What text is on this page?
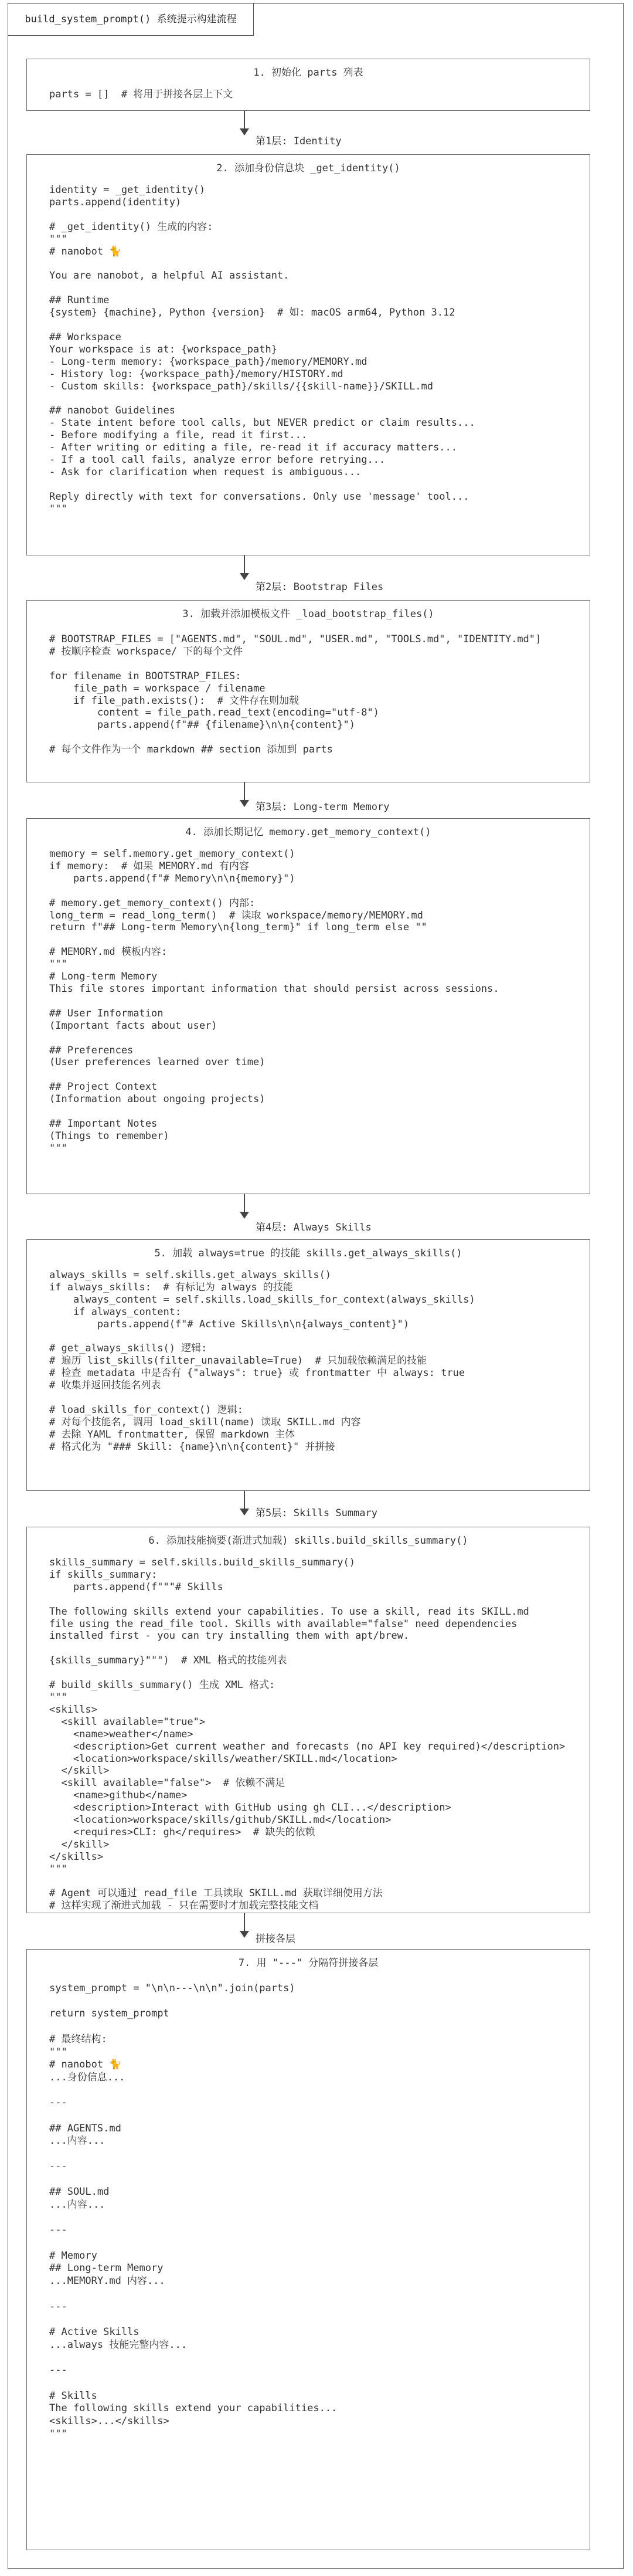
build_system_prompt() 系统提示构建流程
1. 初始化 parts 列表
parts = []  # 将用于拼接各层上下文
第1层: Identity
2. 添加身份信息块 _get_identity()
identity = _get_identity()
parts.append(identity)

# _get_identity() 生成的内容:
"""
# nanobot 🐈

You are nanobot, a helpful AI assistant.

## Runtime
{system} {machine}, Python {version}  # 如: macOS arm64, Python 3.12

## Workspace
Your workspace is at: {workspace_path}
- Long-term memory: {workspace_path}/memory/MEMORY.md
- History log: {workspace_path}/memory/HISTORY.md
- Custom skills: {workspace_path}/skills/{{skill-name}}/SKILL.md

## nanobot Guidelines
- State intent before tool calls, but NEVER predict or claim results...
- Before modifying a file, read it first...
- After writing or editing a file, re-read it if accuracy matters...
- If a tool call fails, analyze error before retrying...
- Ask for clarification when request is ambiguous...

Reply directly with text for conversations. Only use 'message' tool...
"""
第2层: Bootstrap Files
3. 加载并添加模板文件 _load_bootstrap_files()
# BOOTSTRAP_FILES = ["AGENTS.md", "SOUL.md", "USER.md", "TOOLS.md", "IDENTITY.md"]
# 按顺序检查 workspace/ 下的每个文件

for filename in BOOTSTRAP_FILES:
file_path = workspace / filename
if file_path.exists():  # 文件存在则加载
content = file_path.read_text(encoding="utf-8")
parts.append(f"## {filename}\n\n{content}")

# 每个文件作为一个 markdown ## section 添加到 parts
第3层: Long-term Memory
4. 添加长期记忆 memory.get_memory_context()
memory = self.memory.get_memory_context()
if memory:  # 如果 MEMORY.md 有内容
parts.append(f"# Memory\n\n{memory}")

# memory.get_memory_context() 内部:
long_term = read_long_term()  # 读取 workspace/memory/MEMORY.md
return f"## Long-term Memory\n{long_term}" if long_term else ""

# MEMORY.md 模板内容:
"""
# Long-term Memory
This file stores important information that should persist across sessions.

## User Information
(Important facts about user)

## Preferences
(User preferences learned over time)

## Project Context
(Information about ongoing projects)

## Important Notes
(Things to remember)
"""
第4层: Always Skills
5. 加载 always=true 的技能 skills.get_always_skills()
always_skills = self.skills.get_always_skills()
if always_skills:  # 有标记为 always 的技能
always_content = self.skills.load_skills_for_context(always_skills)
if always_content:
parts.append(f"# Active Skills\n\n{always_content}")

# get_always_skills() 逻辑:
# 遍历 list_skills(filter_unavailable=True)  # 只加载依赖满足的技能
# 检查 metadata 中是否有 {"always": true} 或 frontmatter 中 always: true
# 收集并返回技能名列表

# load_skills_for_context() 逻辑:
# 对每个技能名, 调用 load_skill(name) 读取 SKILL.md 内容
# 去除 YAML frontmatter, 保留 markdown 主体
# 格式化为 "### Skill: {name}\n\n{content}" 并拼接
第5层: Skills Summary
6. 添加技能摘要(渐进式加载) skills.build_skills_summary()
skills_summary = self.skills.build_skills_summary()
if skills_summary:
parts.append(f"""# Skills

The following skills extend your capabilities. To use a skill, read its SKILL.md
file using the read_file tool. Skills with available="false" need dependencies
installed first - you can try installing them with apt/brew.

{skills_summary}""")  # XML 格式的技能列表

# build_skills_summary() 生成 XML 格式:
"""
<skills>
<skill available="true">
<name>weather</name>
<description>Get current weather and forecasts (no API key required)</description>
<location>workspace/skills/weather/SKILL.md</location>
</skill>
<skill available="false">  # 依赖不满足
<name>github</name>
<description>Interact with GitHub using gh CLI...</description>
<location>workspace/skills/github/SKILL.md</location>
<requires>CLI: gh</requires>  # 缺失的依赖
</skill>
</skills>
"""

# Agent 可以通过 read_file 工具读取 SKILL.md 获取详细使用方法
# 这样实现了渐进式加载 - 只在需要时才加载完整技能文档
拼接各层
7. 用 "---" 分隔符拼接各层
system_prompt = "\n\n---\n\n".join(parts)

return system_prompt

# 最终结构:
"""
# nanobot 🐈
...身份信息...

---

## AGENTS.md
...内容...

---

## SOUL.md
...内容...

---

# Memory
## Long-term Memory
...MEMORY.md 内容...

---

# Active Skills
...always 技能完整内容...

---

# Skills
The following skills extend your capabilities...
<skills>...</skills>
"""
